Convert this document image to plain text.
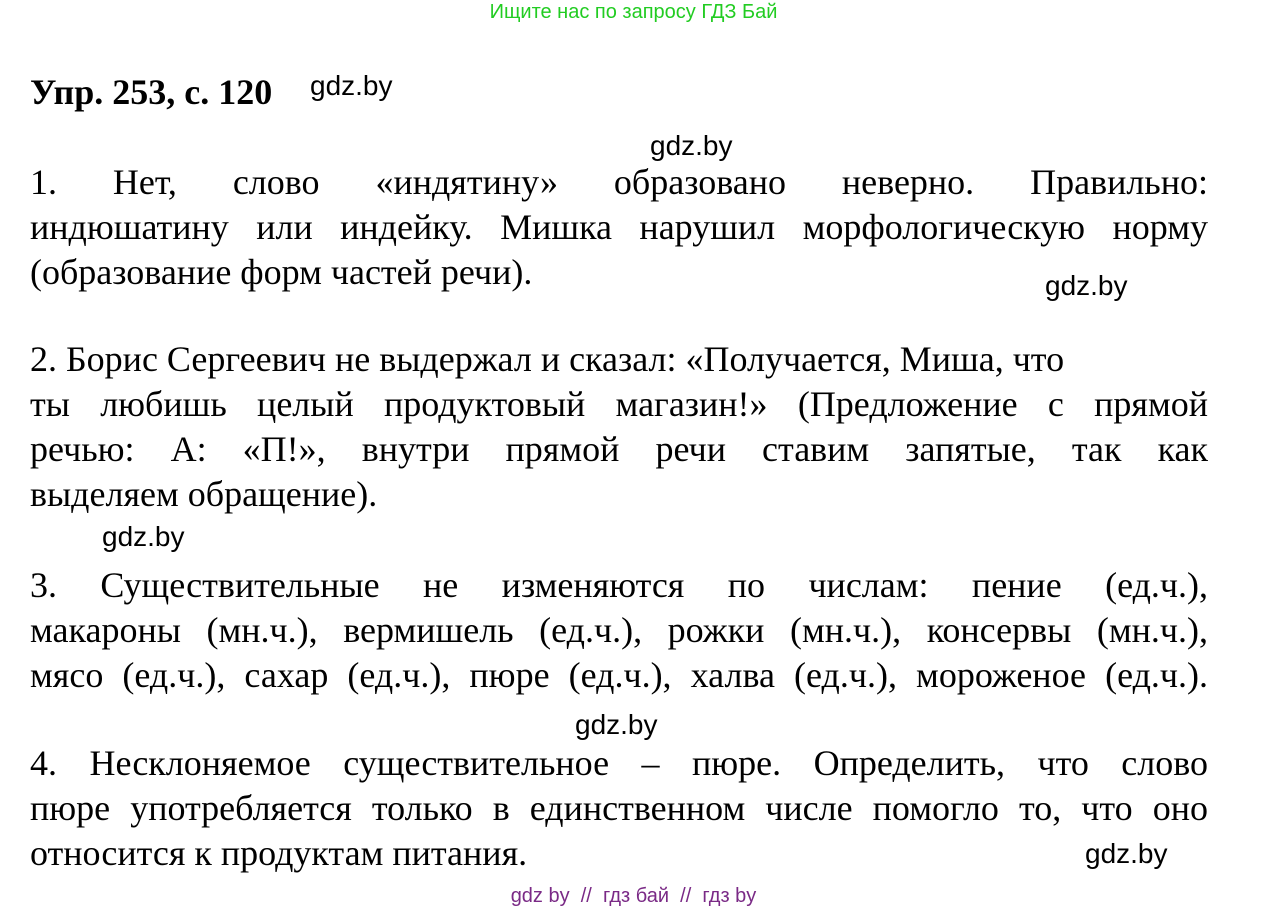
Ищите нас по запросу ГДЗ Бай
Упр. 253, с. 120 gdz.by
gdz.by
gdz.by
gdz.by
gdz.by
gdz.by
1. Нет, слово «индятину» образовано неверно. Правильно:
индюшатину или индейку. Мишка нарушил морфологическую норму
(образование форм частей речи).
2. Борис Сергеевич не выдержал и сказал: «Получается, Миша, что
ты любишь целый продуктовый магазин!» (Предложение с прямой
речью: А: «П!», внутри прямой речи ставим запятые, так как
выделяем обращение).
3. Существительные не изменяются по числам: пение (ед.ч.),
макароны (мн.ч.), вермишель (ед.ч.), рожки (мн.ч.), консервы (мн.ч.),
мясо (ед.ч.), сахар (ед.ч.), пюре (ед.ч.), халва (ед.ч.), мороженое (ед.ч.).
4. Несклоняемое существительное – пюре. Определить, что слово
пюре употребляется только в единственном числе помогло то, что оно
относится к продуктам питания.
gdz by  //  гдз бай  //  гдз by
